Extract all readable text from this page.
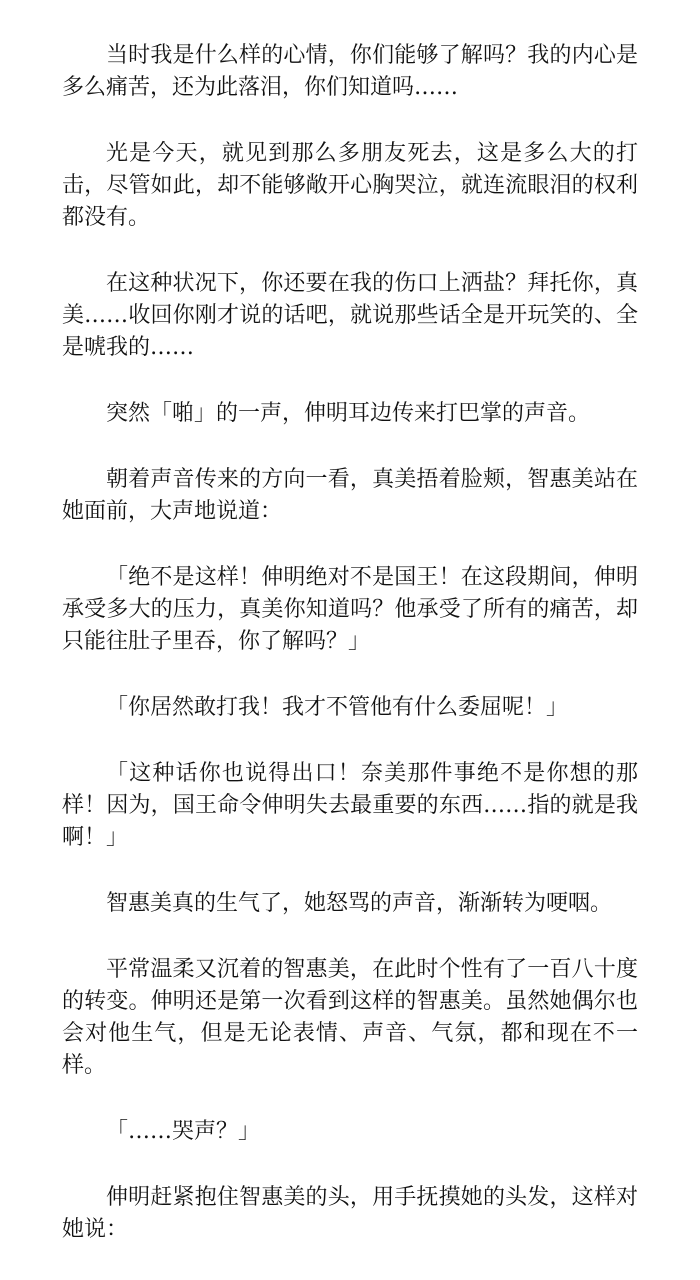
当时我是什么样的心情，你们能够了解吗？我的内心是多么痛苦，还为此落泪，你们知道吗……

光是今天，就见到那么多朋友死去，这是多么大的打击，尽管如此，却不能够敞开心胸哭泣，就连流眼泪的权利都没有。

在这种状况下，你还要在我的伤口上洒盐？拜托你，真美……收回你刚才说的话吧，就说那些话全是开玩笑的、全是唬我的……

突然「啪」的一声，伸明耳边传来打巴掌的声音。

朝着声音传来的方向一看，真美捂着脸颊，智惠美站在她面前，大声地说道：

「绝不是这样！伸明绝对不是国王！在这段期间，伸明承受多大的压力，真美你知道吗？他承受了所有的痛苦，却只能往肚子里吞，你了解吗？」

「你居然敢打我！我才不管他有什么委屈呢！」

「这种话你也说得出口！奈美那件事绝不是你想的那样！因为，国王命令伸明失去最重要的东西……指的就是我啊！」

智惠美真的生气了，她怒骂的声音，渐渐转为哽咽。

平常温柔又沉着的智惠美，在此时个性有了一百八十度的转变。伸明还是第一次看到这样的智惠美。虽然她偶尔也会对他生气，但是无论表情、声音、气氛，都和现在不一样。

「……哭声？」

伸明赶紧抱住智惠美的头，用手抚摸她的头发，这样对她说：
